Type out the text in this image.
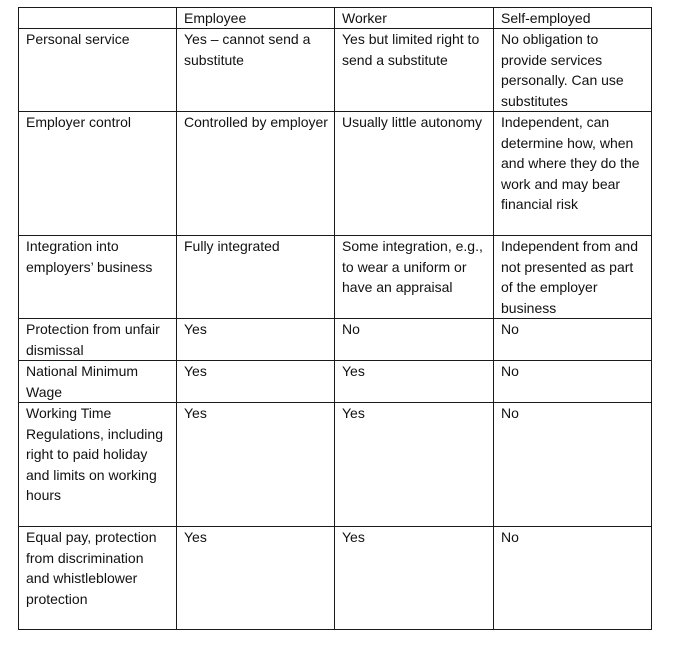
	Employee	Worker	Self-employed
Personal service	Yes – cannot send a substitute	Yes but limited right to send a substitute	No obligation to provide services personally. Can use substitutes
Employer control	Controlled by employer	Usually little autonomy	Independent, can determine how, when and where they do the work and may bear financial risk
Integration into employers’ business	Fully integrated	Some integration, e.g., to wear a uniform or have an appraisal	Independent from and not presented as part of the employer business
Protection from unfair dismissal	Yes	No	No
National Minimum Wage	Yes	Yes	No
Working Time Regulations, including right to paid holiday and limits on working hours	Yes	Yes	No
Equal pay, protection from discrimination and whistleblower protection	Yes	Yes	No
